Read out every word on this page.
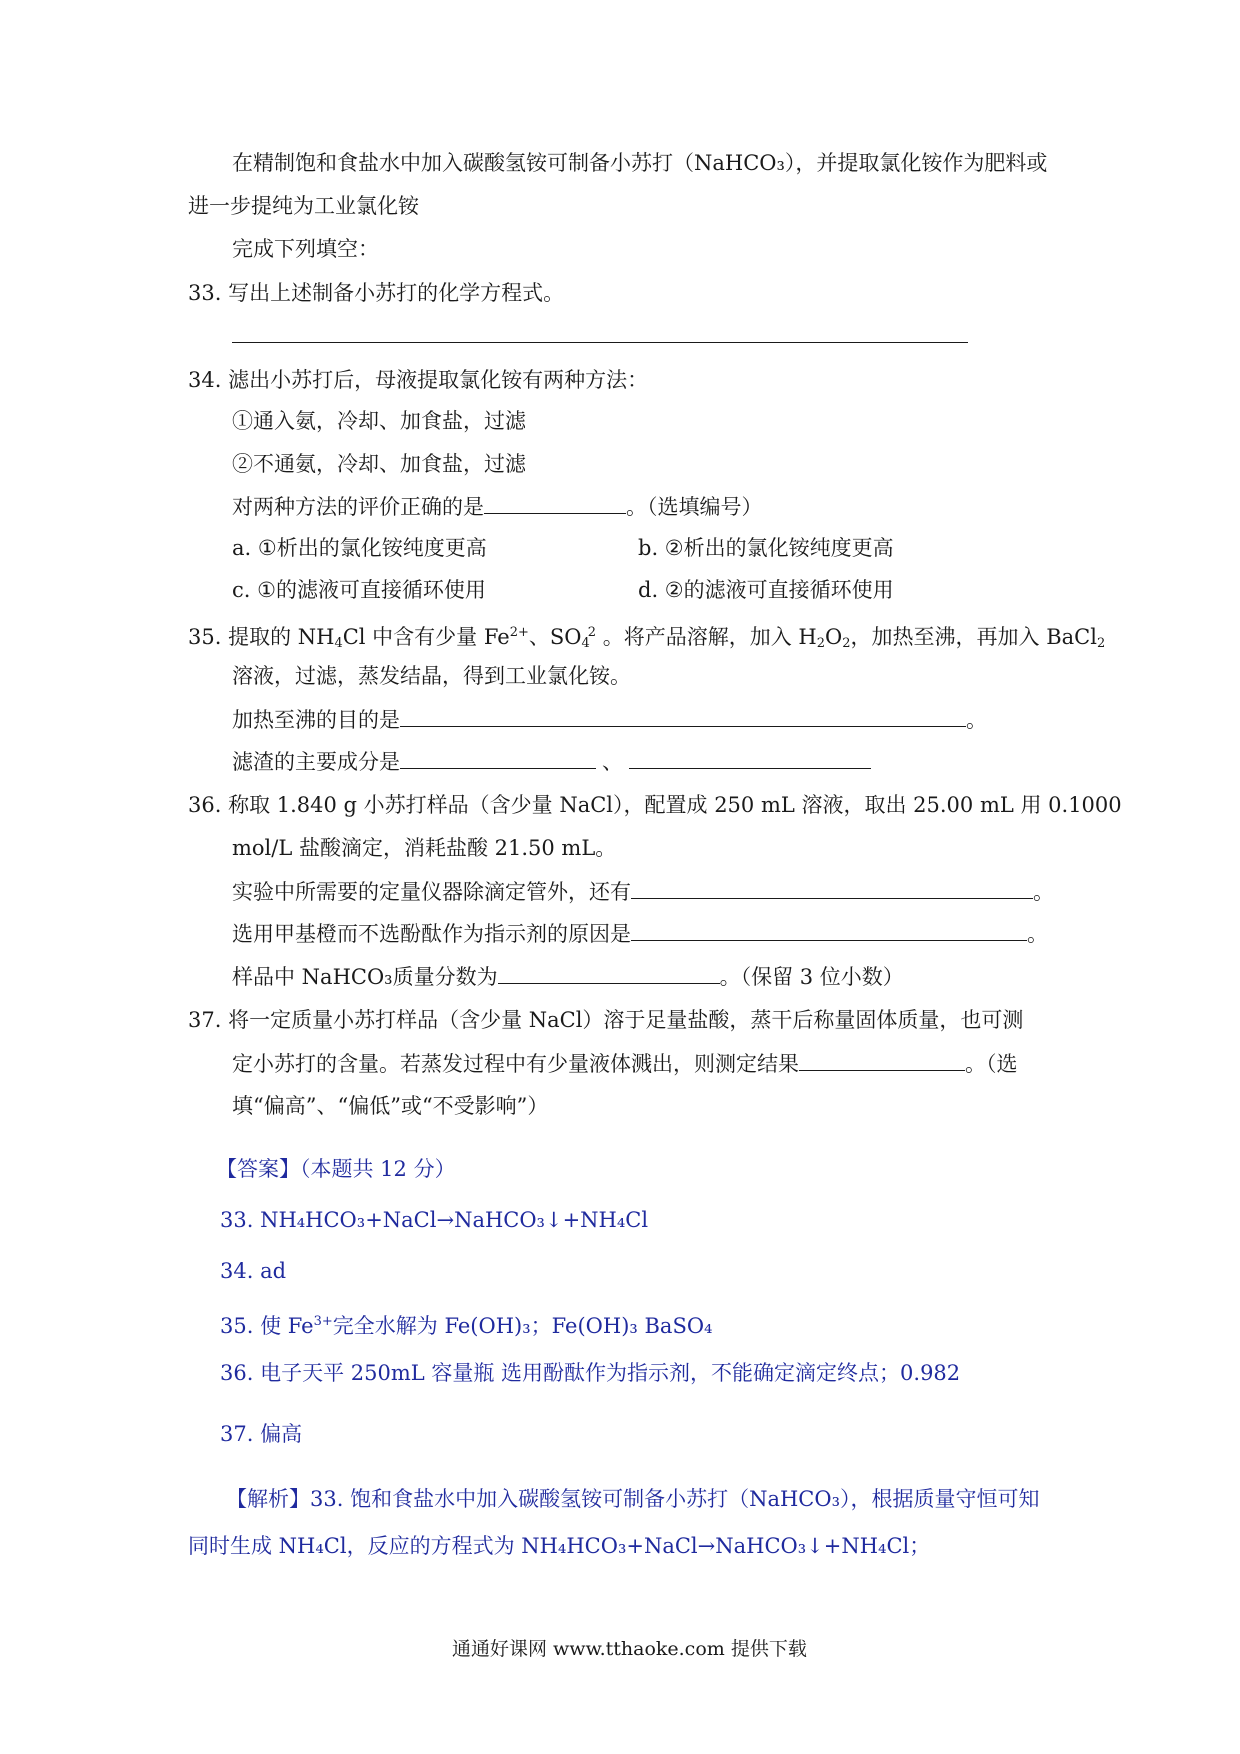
在精制饱和食盐水中加入碳酸氢铵可制备小苏打（NaHCO₃），并提取氯化铵作为肥料或
进一步提纯为工业氯化铵
完成下列填空：
33. 写出上述制备小苏打的化学方程式。
34. 滤出小苏打后，母液提取氯化铵有两种方法：
①通入氨，冷却、加食盐，过滤
②不通氨，冷却、加食盐，过滤
对两种方法的评价正确的是	。（选填编号）
a. ①析出的氯化铵纯度更高	b. ②析出的氯化铵纯度更高
c. ①的滤液可直接循环使用	d. ②的滤液可直接循环使用
35. 提取的 $NH_4Cl$ 中含有少量 $Fe^{2+}$、$SO_4^2$ 。将产品溶解，加入 $H_2O_2$，加热至沸，再加入 BaCl$_2$
溶液，过滤，蒸发结晶，得到工业氯化铵。
加热至沸的目的是	。
滤渣的主要成分是	、
36. 称取 1.840 g 小苏打样品（含少量 NaCl），配置成 250 mL 溶液，取出 25.00 mL 用 0.1000
mol/L 盐酸滴定，消耗盐酸 21.50 mL。
实验中所需要的定量仪器除滴定管外，还有	。
选用甲基橙而不选酚酞作为指示剂的原因是	。
样品中 NaHCO₃质量分数为	。（保留 3 位小数）
37. 将一定质量小苏打样品（含少量 NaCl）溶于足量盐酸，蒸干后称量固体质量，也可测
定小苏打的含量。若蒸发过程中有少量液体溅出，则测定结果	。（选
填“偏高”、“偏低”或“不受影响”）
【答案】（本题共 12 分）
33. NH₄HCO₃+NaCl→NaHCO₃↓+NH₄Cl
34. ad
35. 使 $Fe^{3+}$完全水解为 Fe(OH)₃；Fe(OH)₃ BaSO₄
36. 电子天平 250mL 容量瓶 选用酚酞作为指示剂，不能确定滴定终点；0.982
37. 偏高
【解析】33. 饱和食盐水中加入碳酸氢铵可制备小苏打（NaHCO₃），根据质量守恒可知
同时生成 NH₄Cl，反应的方程式为 NH₄HCO₃+NaCl→NaHCO₃↓+NH₄Cl；
通通好课网 www.tthaoke.com 提供下载
